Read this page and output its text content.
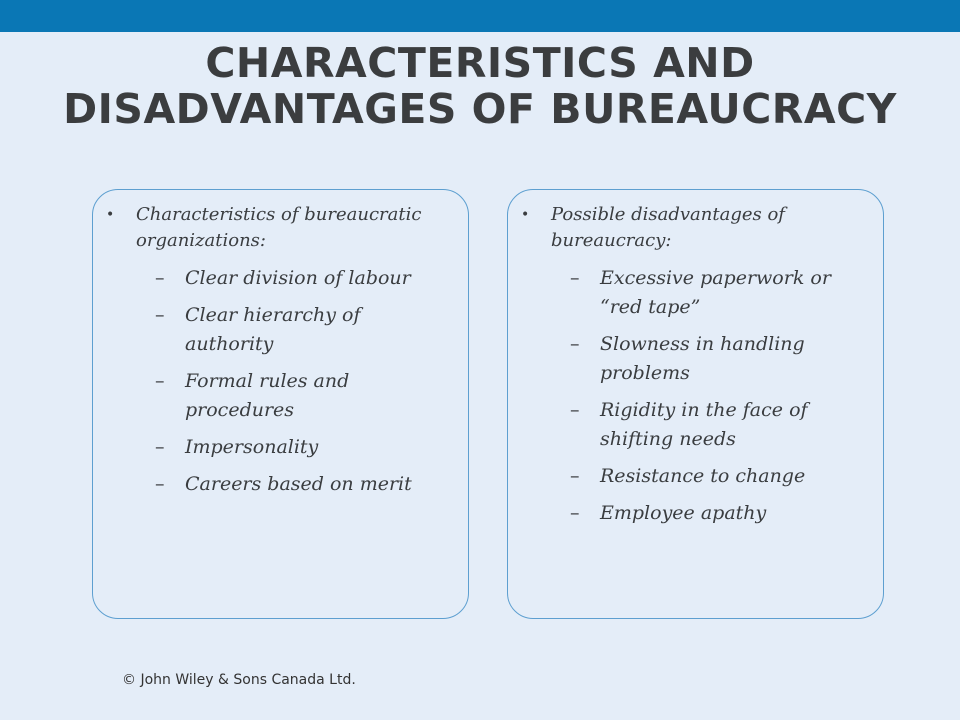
CHARACTERISTICS AND
DISADVANTAGES OF BUREAUCRACY
• Characteristics of bureaucratic organizations:
– Clear division of labour
– Clear hierarchy of authority
– Formal rules and procedures
– Impersonality
– Careers based on merit
• Possible disadvantages of bureaucracy:
– Excessive paperwork or “red tape”
– Slowness in handling problems
– Rigidity in the face of shifting needs
– Resistance to change
– Employee apathy
© John Wiley & Sons Canada Ltd.
